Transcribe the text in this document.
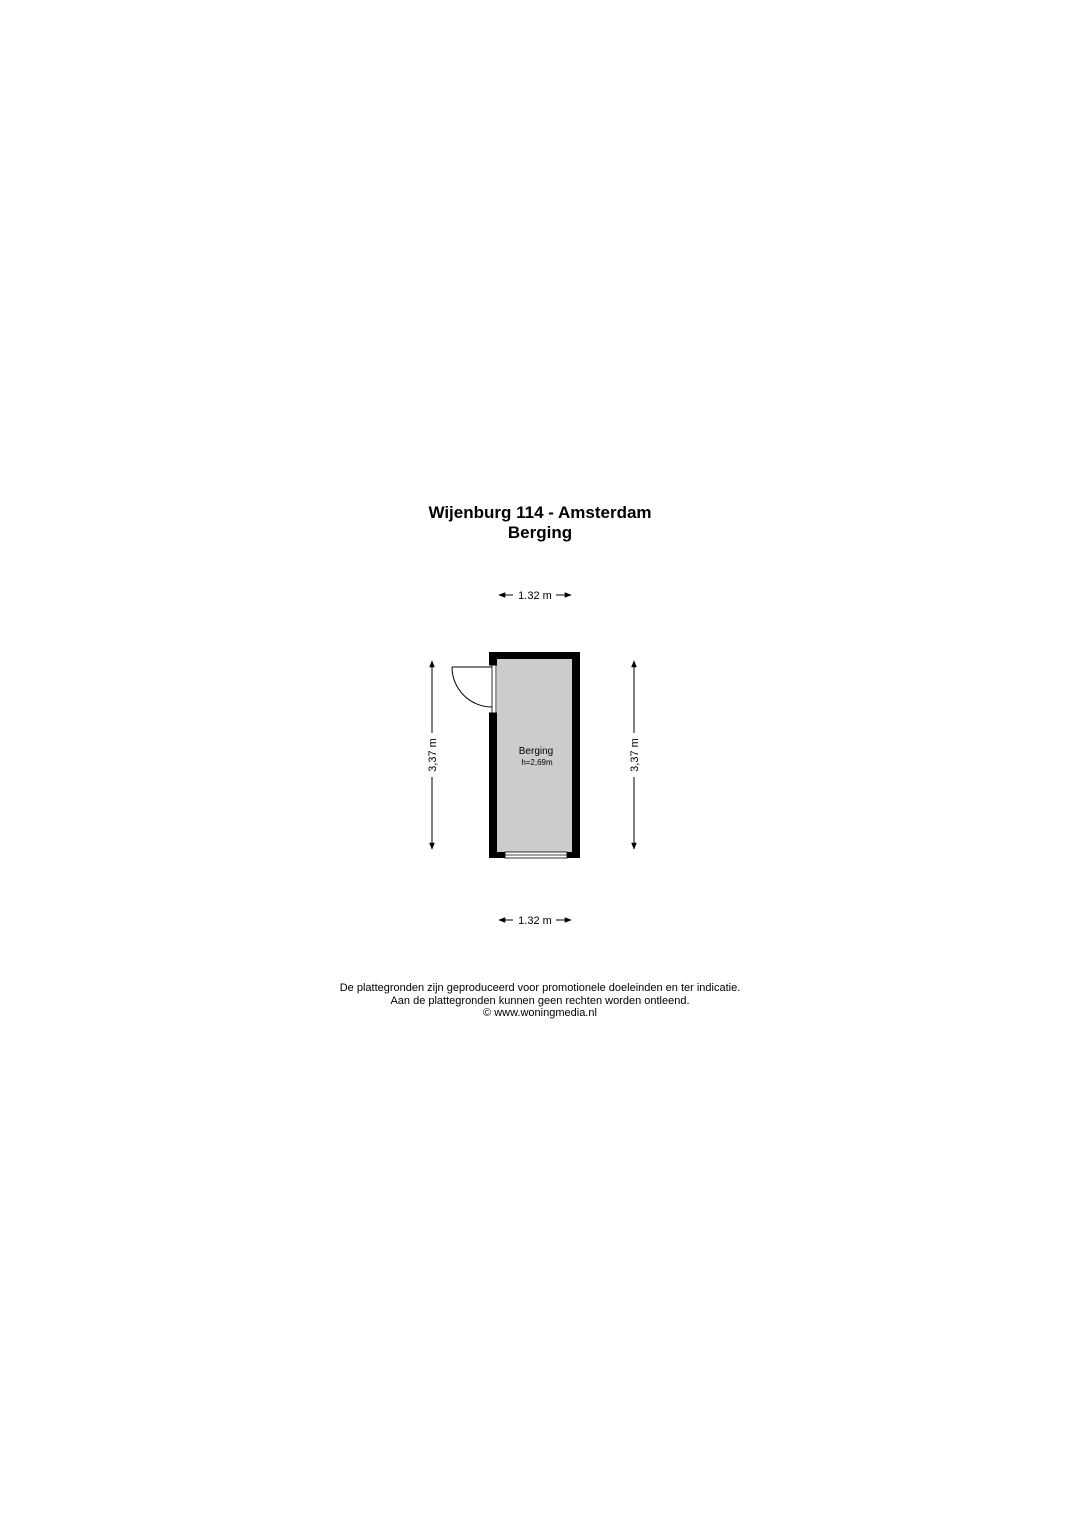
Wijenburg 114 - Amsterdam
Berging
1.32 m
1.32 m
3,37 m	3,37 m
Berging
h=2,69m
De plattegronden zijn geproduceerd voor promotionele doeleinden en ter indicatie.
Aan de plattegronden kunnen geen rechten worden ontleend.
© www.woningmedia.nl
